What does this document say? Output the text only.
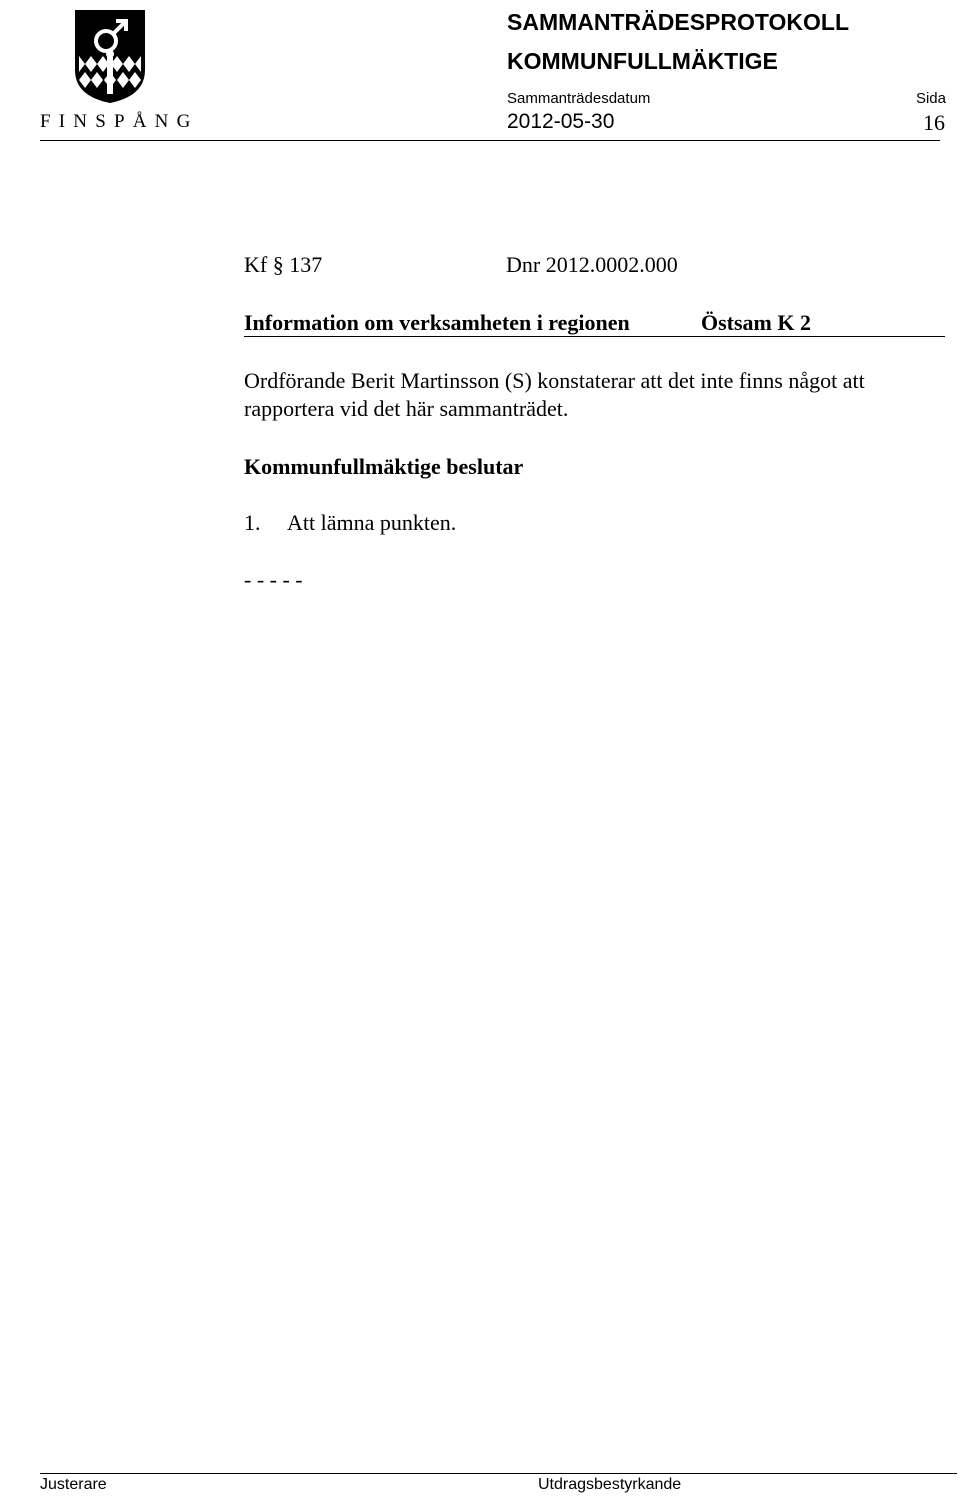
FINSPÅNG
SAMMANTRÄDESPROTOKOLL
KOMMUNFULLMÄKTIGE
Sammanträdesdatum
2012-05-30
Sida
16
Kf § 137	Dnr 2012.0002.000
Information om verksamheten i regionen	Östsam K 2
Ordförande Berit Martinsson (S) konstaterar att det inte finns något att
rapportera vid det här sammanträdet.
Kommunfullmäktige beslutar
1. Att lämna punkten.
- - - - -
Justerare	Utdragsbestyrkande
